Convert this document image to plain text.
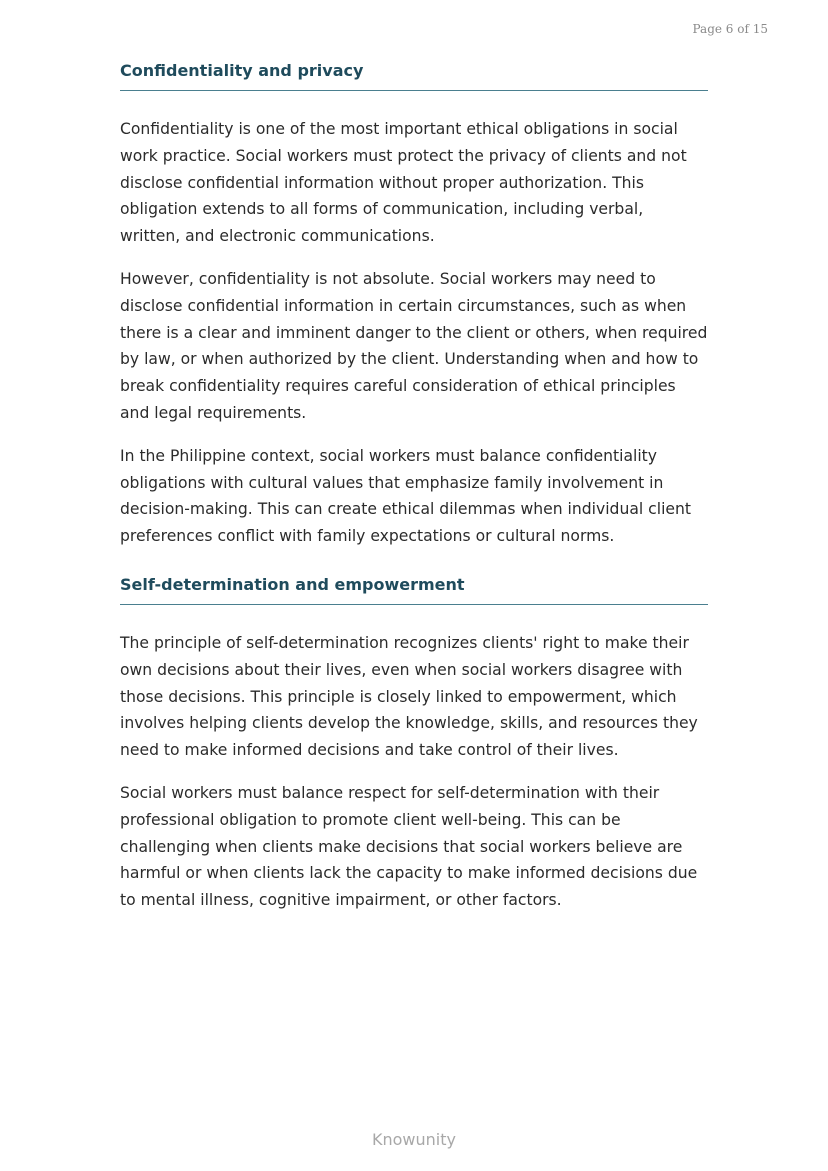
Page 6 of 15
Confidentiality and privacy

Confidentiality is one of the most important ethical obligations in social work practice. Social workers must protect the privacy of clients and not disclose confidential information without proper authorization. This obligation extends to all forms of communication, including verbal, written, and electronic communications.

However, confidentiality is not absolute. Social workers may need to disclose confidential information in certain circumstances, such as when there is a clear and imminent danger to the client or others, when required by law, or when authorized by the client. Understanding when and how to break confidentiality requires careful consideration of ethical principles and legal requirements.

In the Philippine context, social workers must balance confidentiality obligations with cultural values that emphasize family involvement in decision-making. This can create ethical dilemmas when individual client preferences conflict with family expectations or cultural norms.

Self-determination and empowerment

The principle of self-determination recognizes clients' right to make their own decisions about their lives, even when social workers disagree with those decisions. This principle is closely linked to empowerment, which involves helping clients develop the knowledge, skills, and resources they need to make informed decisions and take control of their lives.

Social workers must balance respect for self-determination with their professional obligation to promote client well-being. This can be challenging when clients make decisions that social workers believe are harmful or when clients lack the capacity to make informed decisions due to mental illness, cognitive impairment, or other factors.

Knowunity
